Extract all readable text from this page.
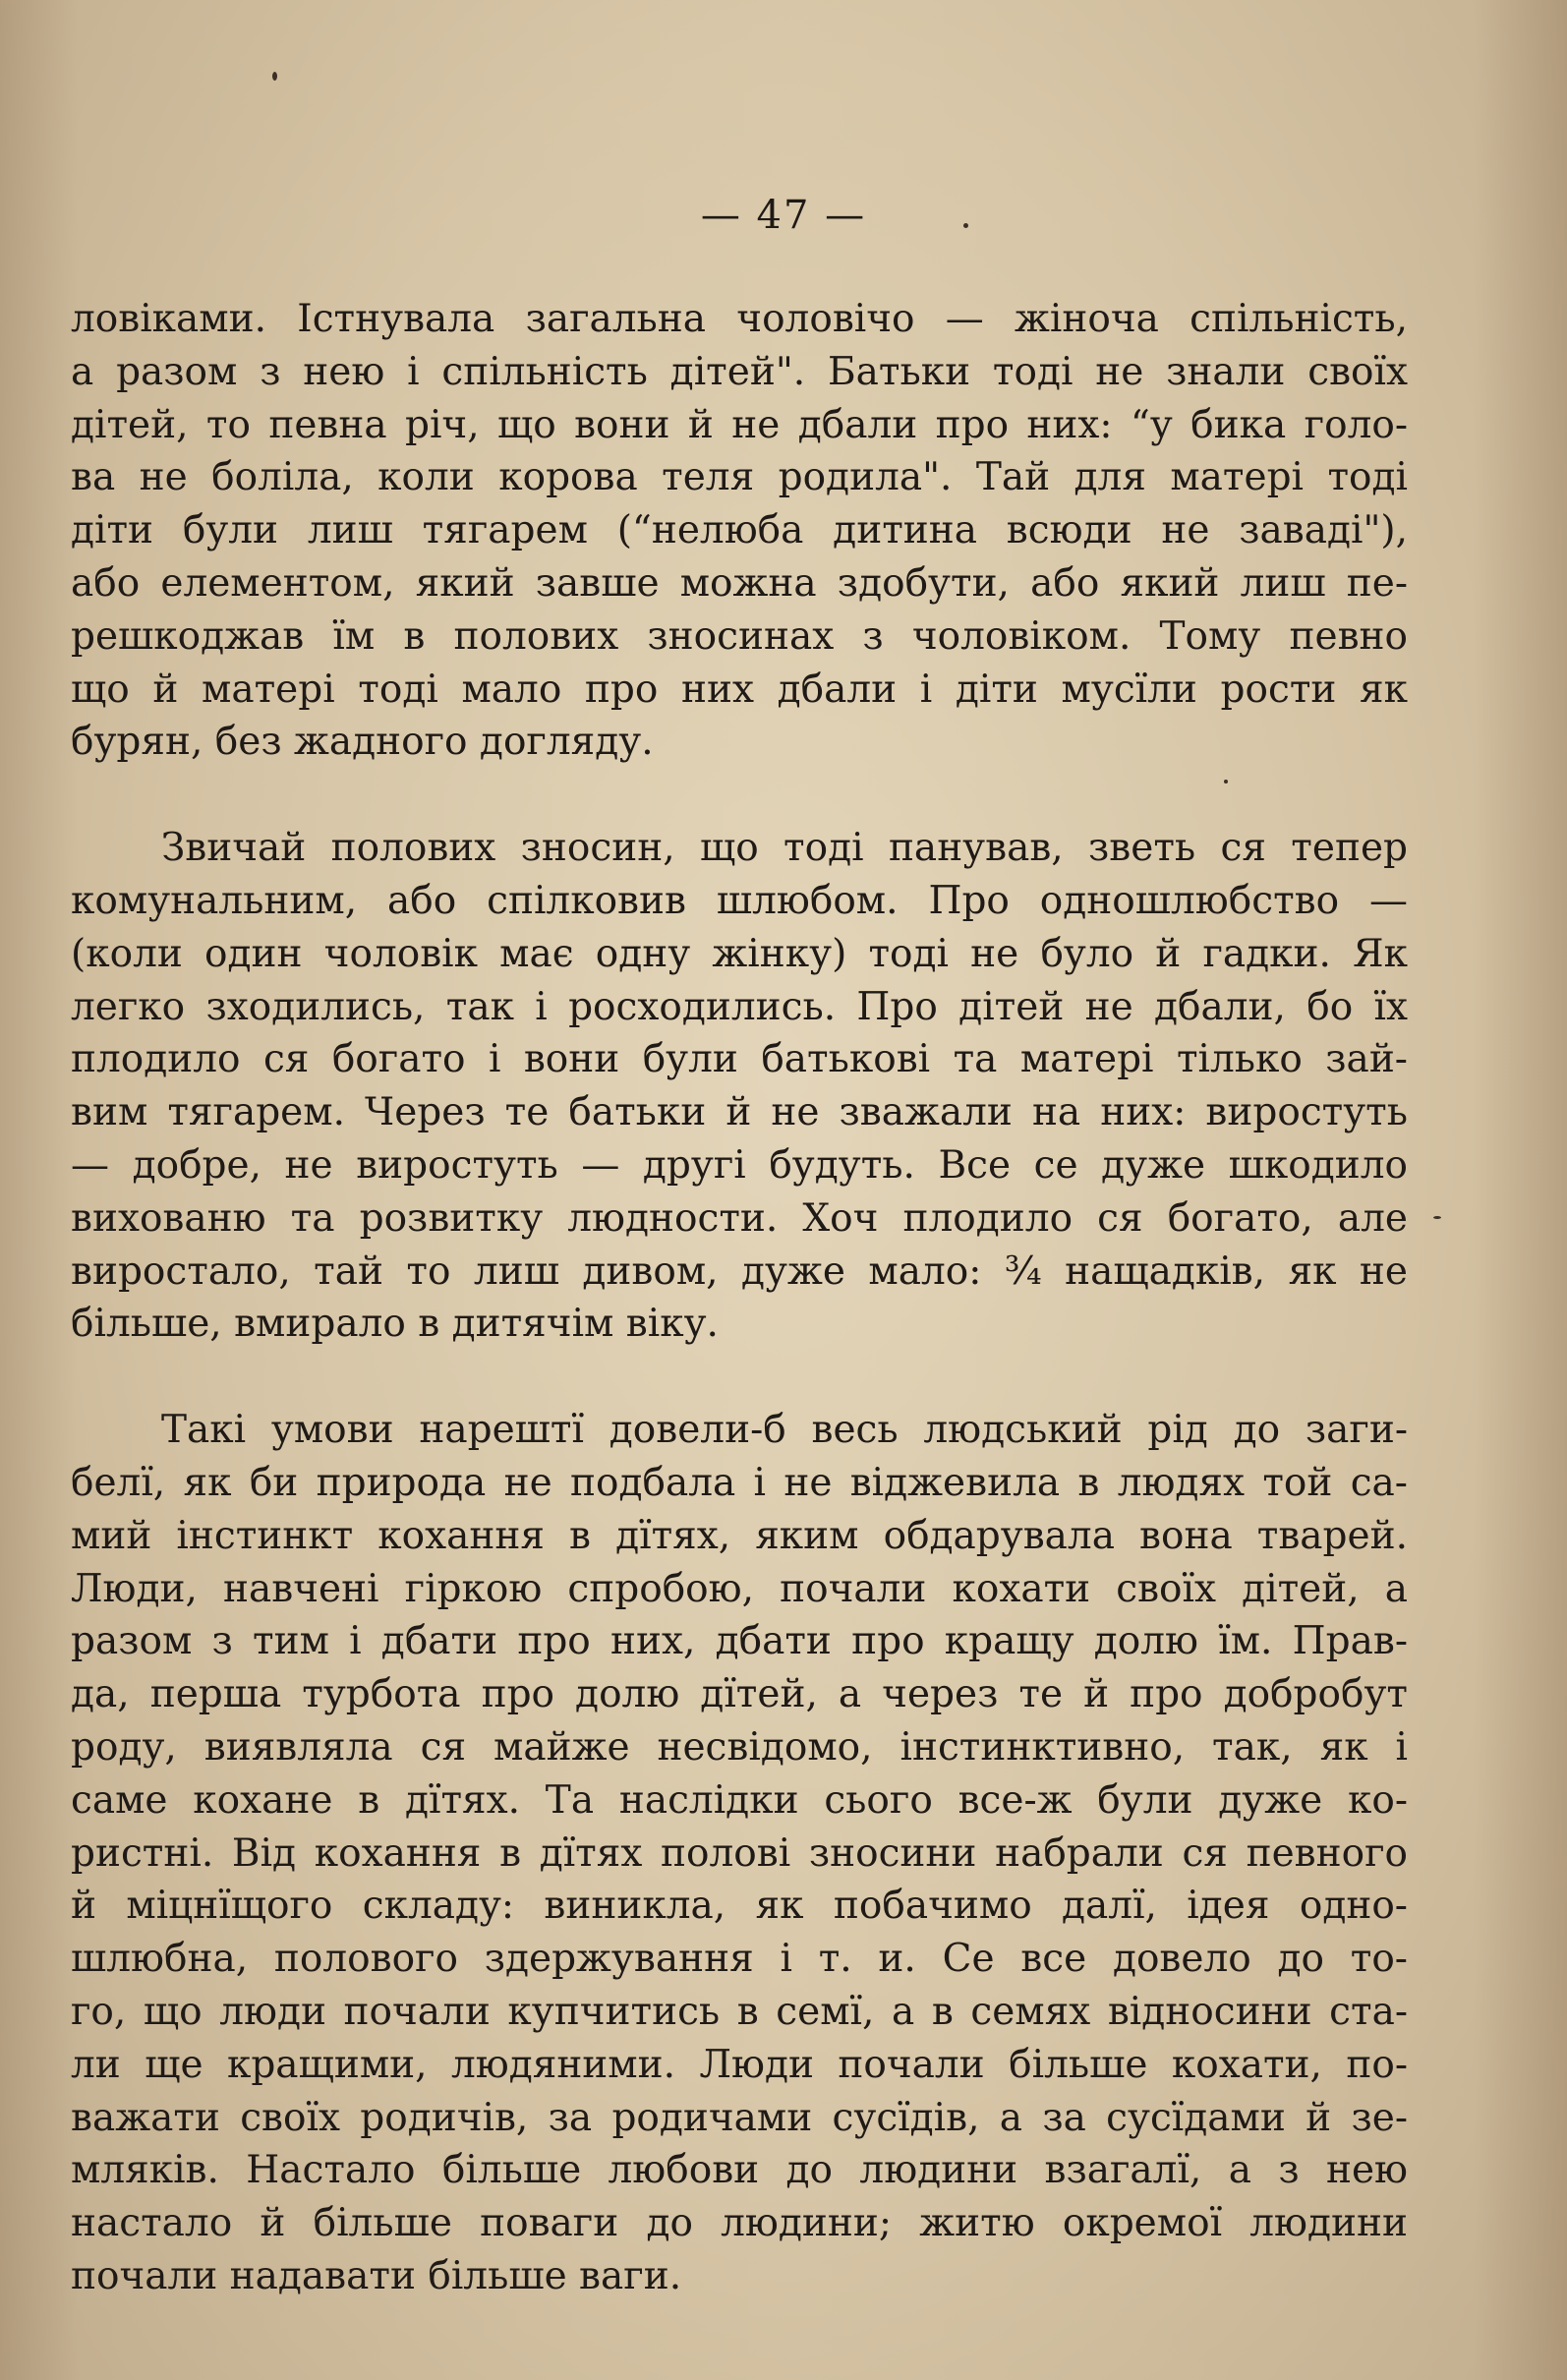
— 47 —

ловіками. Істнувала загальна чоловічо — жіноча спільність,
а разом з нею і спільність дітей". Батьки тоді не знали своїх
дітей, то певна річ, що вони й не дбали про них: “у бика голо-
ва не боліла, коли корова теля родила". Тай для матері тоді
діти були лиш тягарем (“нелюба дитина всюди не заваді"),
або елементом, який завше можна здобути, або який лиш пе-
решкоджав їм в полових зносинах з чоловіком. Тому певно
що й матері тоді мало про них дбали і діти мусїли рости як
бурян, без жадного догляду.

Звичай полових зносин, що тоді панував, зветь ся тепер
комунальним, або спілковив шлюбом. Про одношлюбство —
(коли один чоловік має одну жінку) тоді не було й гадки. Як
легко зходились, так і росходились. Про дітей не дбали, бо їх
плодило ся богато і вони були батькові та матері тілько зай-
вим тягарем. Через те батьки й не зважали на них: виростуть
— добре, не виростуть — другі будуть. Все се дуже шкодило
вихованю та розвитку людности. Хоч плодило ся богато, але
виростало, тай то лиш дивом, дуже мало: ¾ нащадків, як не
більше, вмирало в дитячім віку.

Такі умови нарештї довели-б весь людський рід до заги-
белї, як би природа не подбала і не віджевила в людях той са-
мий інстинкт кохання в дїтях, яким обдарувала вона тварей.
Люди, навчені гіркою спробою, почали кохати своїх дітей, а
разом з тим і дбати про них, дбати про кращу долю їм. Прав-
да, перша турбота про долю дїтей, а через те й про добробут
роду, виявляла ся майже несвідомо, інстинктивно, так, як і
саме кохане в дїтях. Та наслідки сього все-ж були дуже ко-
ристні. Від кохання в дїтях полові зносини набрали ся певного
й міцнїщого складу: виникла, як побачимо далї, ідея одно-
шлюбна, полового здержування і т. и. Се все довело до то-
го, що люди почали купчитись в семї, а в семях відносини ста-
ли ще кращими, людяними. Люди почали більше кохати, по-
важати своїх родичів, за родичами сусїдів, а за сусїдами й зе-
мляків. Настало більше любови до людини взагалї, а з нею
настало й більше поваги до людини; житю окремої людини
почали надавати більше ваги.
